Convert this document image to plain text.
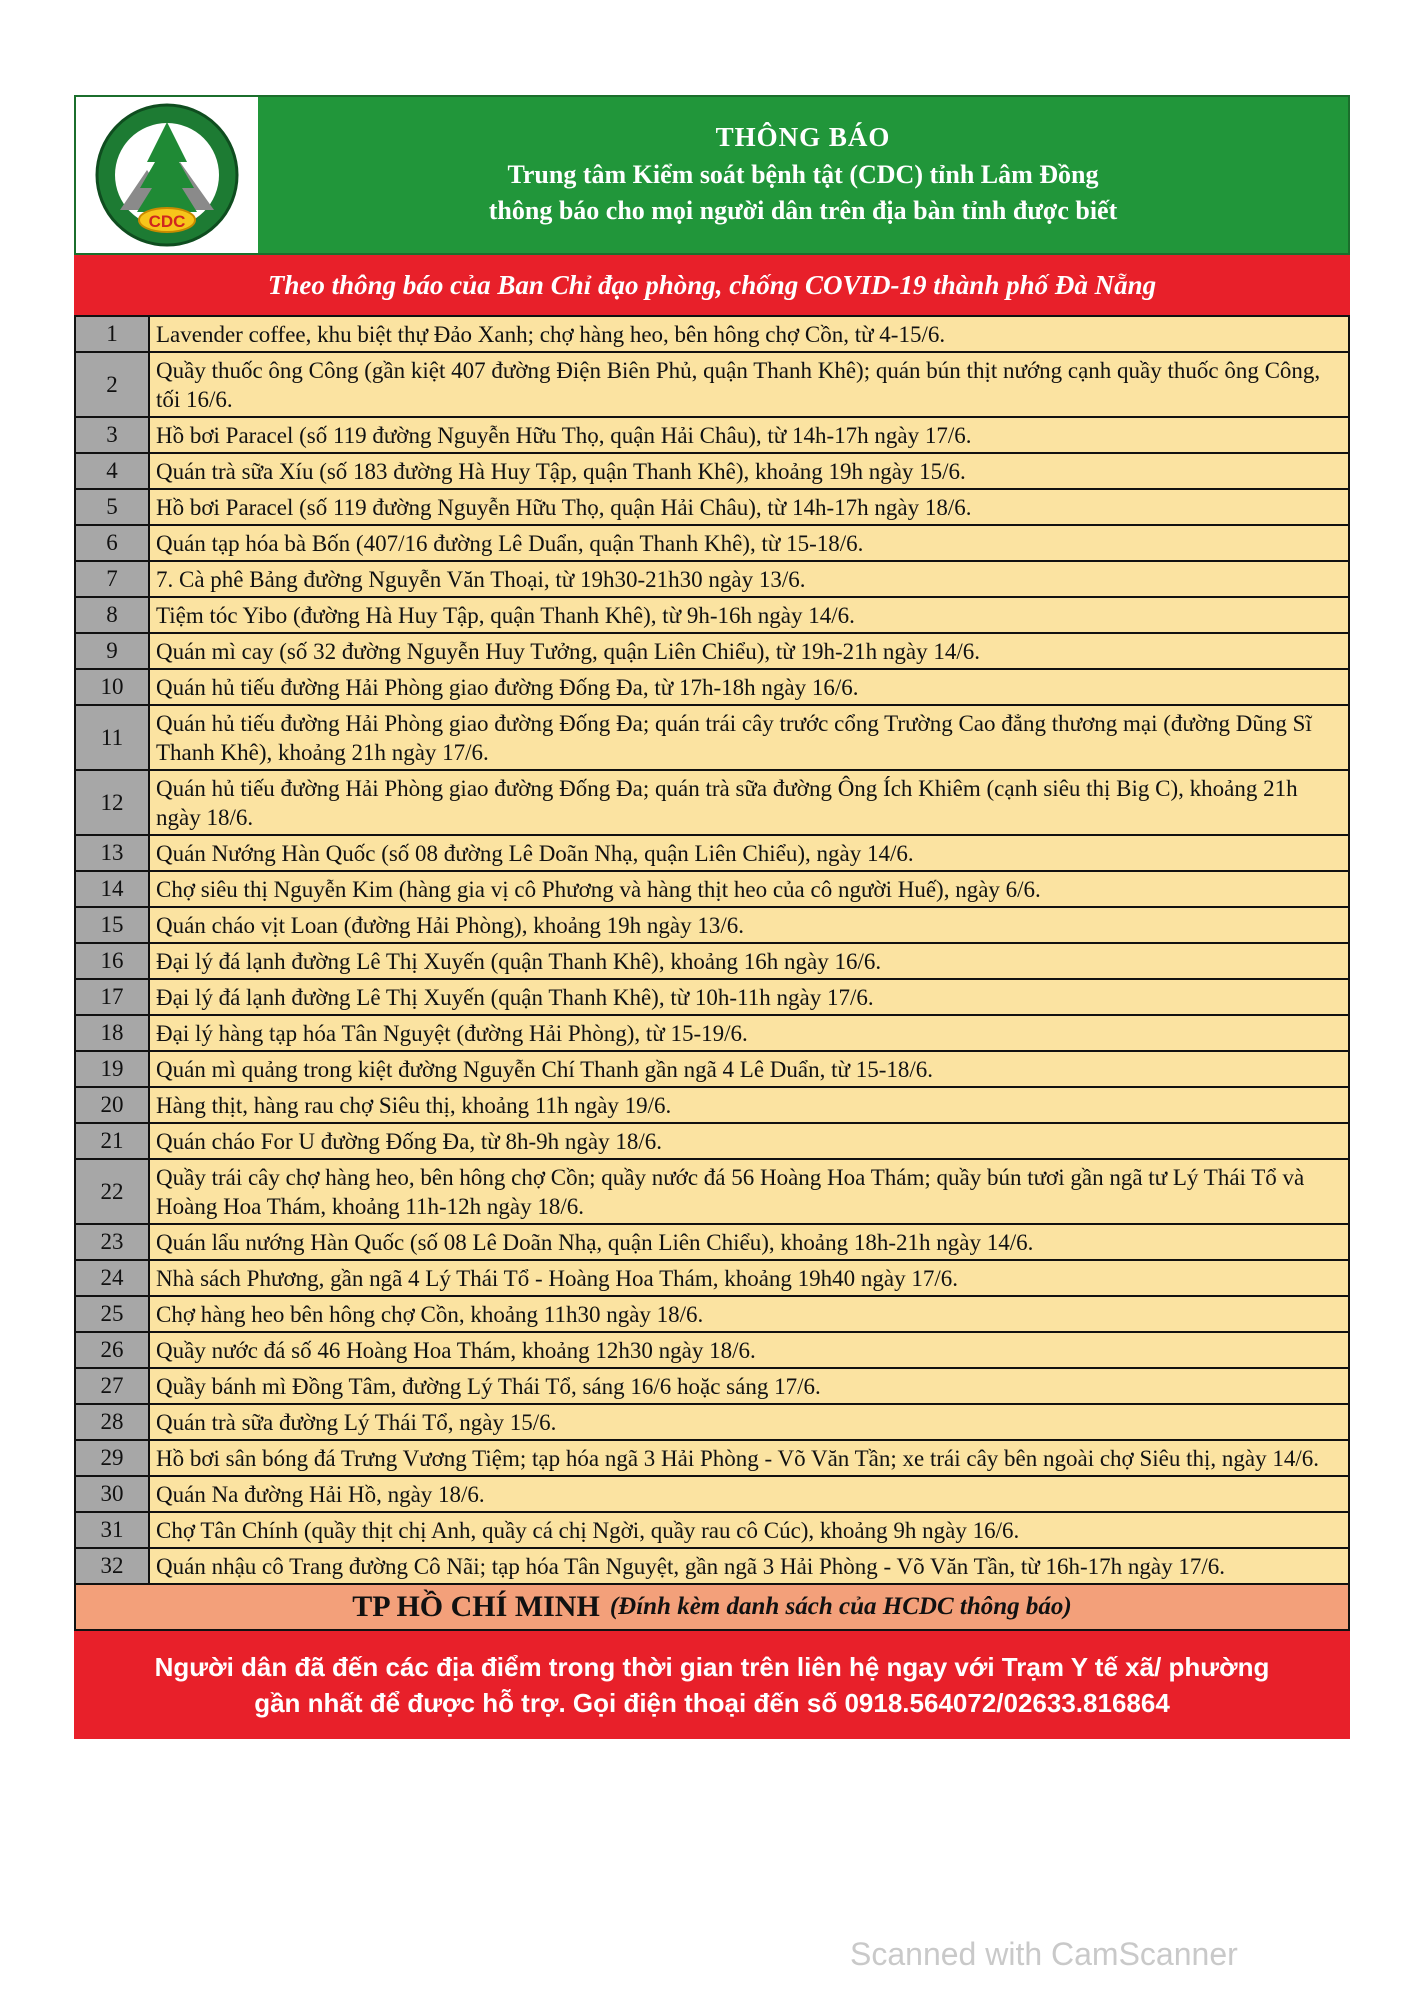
CDC
THÔNG BÁO
Trung tâm Kiểm soát bệnh tật (CDC) tỉnh Lâm Đồng
thông báo cho mọi người dân trên địa bàn tỉnh được biết
Theo thông báo của Ban Chỉ đạo phòng, chống COVID-19 thành phố Đà Nẵng
1	Lavender coffee, khu biệt thự Đảo Xanh; chợ hàng heo, bên hông chợ Cồn, từ 4-15/6.
2	Quầy thuốc ông Công (gần kiệt 407 đường Điện Biên Phủ, quận Thanh Khê); quán bún thịt nướng cạnh quầy thuốc ông Công, tối 16/6.
3	Hồ bơi Paracel (số 119 đường Nguyễn Hữu Thọ, quận Hải Châu), từ 14h-17h ngày 17/6.
4	Quán trà sữa Xíu (số 183 đường Hà Huy Tập, quận Thanh Khê), khoảng 19h ngày 15/6.
5	Hồ bơi Paracel (số 119 đường Nguyễn Hữu Thọ, quận Hải Châu), từ 14h-17h ngày 18/6.
6	Quán tạp hóa bà Bốn (407/16 đường Lê Duẩn, quận Thanh Khê), từ 15-18/6.
7	7. Cà phê Bảng đường Nguyễn Văn Thoại, từ 19h30-21h30 ngày 13/6.
8	Tiệm tóc Yibo (đường Hà Huy Tập, quận Thanh Khê), từ 9h-16h ngày 14/6.
9	Quán mì cay (số 32 đường Nguyễn Huy Tưởng, quận Liên Chiểu), từ 19h-21h ngày 14/6.
10	Quán hủ tiếu đường Hải Phòng giao đường Đống Đa, từ 17h-18h ngày 16/6.
11	Quán hủ tiếu đường Hải Phòng giao đường Đống Đa; quán trái cây trước cổng Trường Cao đẳng thương mại (đường Dũng Sĩ Thanh Khê), khoảng 21h ngày 17/6.
12	Quán hủ tiếu đường Hải Phòng giao đường Đống Đa; quán trà sữa đường Ông Ích Khiêm (cạnh siêu thị Big C), khoảng 21h ngày 18/6.
13	Quán Nướng Hàn Quốc (số 08 đường Lê Doãn Nhạ, quận Liên Chiểu), ngày 14/6.
14	Chợ siêu thị Nguyễn Kim (hàng gia vị cô Phương và hàng thịt heo của cô người Huế), ngày 6/6.
15	Quán cháo vịt Loan (đường Hải Phòng), khoảng 19h ngày 13/6.
16	Đại lý đá lạnh đường Lê Thị Xuyến (quận Thanh Khê), khoảng 16h ngày 16/6.
17	Đại lý đá lạnh đường Lê Thị Xuyến (quận Thanh Khê), từ 10h-11h ngày 17/6.
18	Đại lý hàng tạp hóa Tân Nguyệt (đường Hải Phòng), từ 15-19/6.
19	Quán mì quảng trong kiệt đường Nguyễn Chí Thanh gần ngã 4 Lê Duẩn, từ 15-18/6.
20	Hàng thịt, hàng rau chợ Siêu thị, khoảng 11h ngày 19/6.
21	Quán cháo For U đường Đống Đa, từ 8h-9h ngày 18/6.
22	Quầy trái cây chợ hàng heo, bên hông chợ Cồn; quầy nước đá 56 Hoàng Hoa Thám; quầy bún tươi gần ngã tư Lý Thái Tổ và Hoàng Hoa Thám, khoảng 11h-12h ngày 18/6.
23	Quán lẩu nướng Hàn Quốc (số 08 Lê Doãn Nhạ, quận Liên Chiểu), khoảng 18h-21h ngày 14/6.
24	Nhà sách Phương, gần ngã 4 Lý Thái Tổ - Hoàng Hoa Thám, khoảng 19h40 ngày 17/6.
25	Chợ hàng heo bên hông chợ Cồn, khoảng 11h30 ngày 18/6.
26	Quầy nước đá số 46 Hoàng Hoa Thám, khoảng 12h30 ngày 18/6.
27	Quầy bánh mì Đồng Tâm, đường Lý Thái Tổ, sáng 16/6 hoặc sáng 17/6.
28	Quán trà sữa đường Lý Thái Tổ, ngày 15/6.
29	Hồ bơi sân bóng đá Trưng Vương Tiệm; tạp hóa ngã 3 Hải Phòng - Võ Văn Tần; xe trái cây bên ngoài chợ Siêu thị, ngày 14/6.
30	Quán Na đường Hải Hồ, ngày 18/6.
31	Chợ Tân Chính (quầy thịt chị Anh, quầy cá chị Ngời, quầy rau cô Cúc), khoảng 9h ngày 16/6.
32	Quán nhậu cô Trang đường Cô Nãi; tạp hóa Tân Nguyệt, gần ngã 3 Hải Phòng - Võ Văn Tần, từ 16h-17h ngày 17/6.
TP HỒ CHÍ MINH (Đính kèm danh sách của HCDC thông báo)
Người dân đã đến các địa điểm trong thời gian trên liên hệ ngay với Trạm Y tế xã/ phường
gần nhất để được hỗ trợ. Gọi điện thoại đến số 0918.564072/02633.816864
Scanned with CamScanner
